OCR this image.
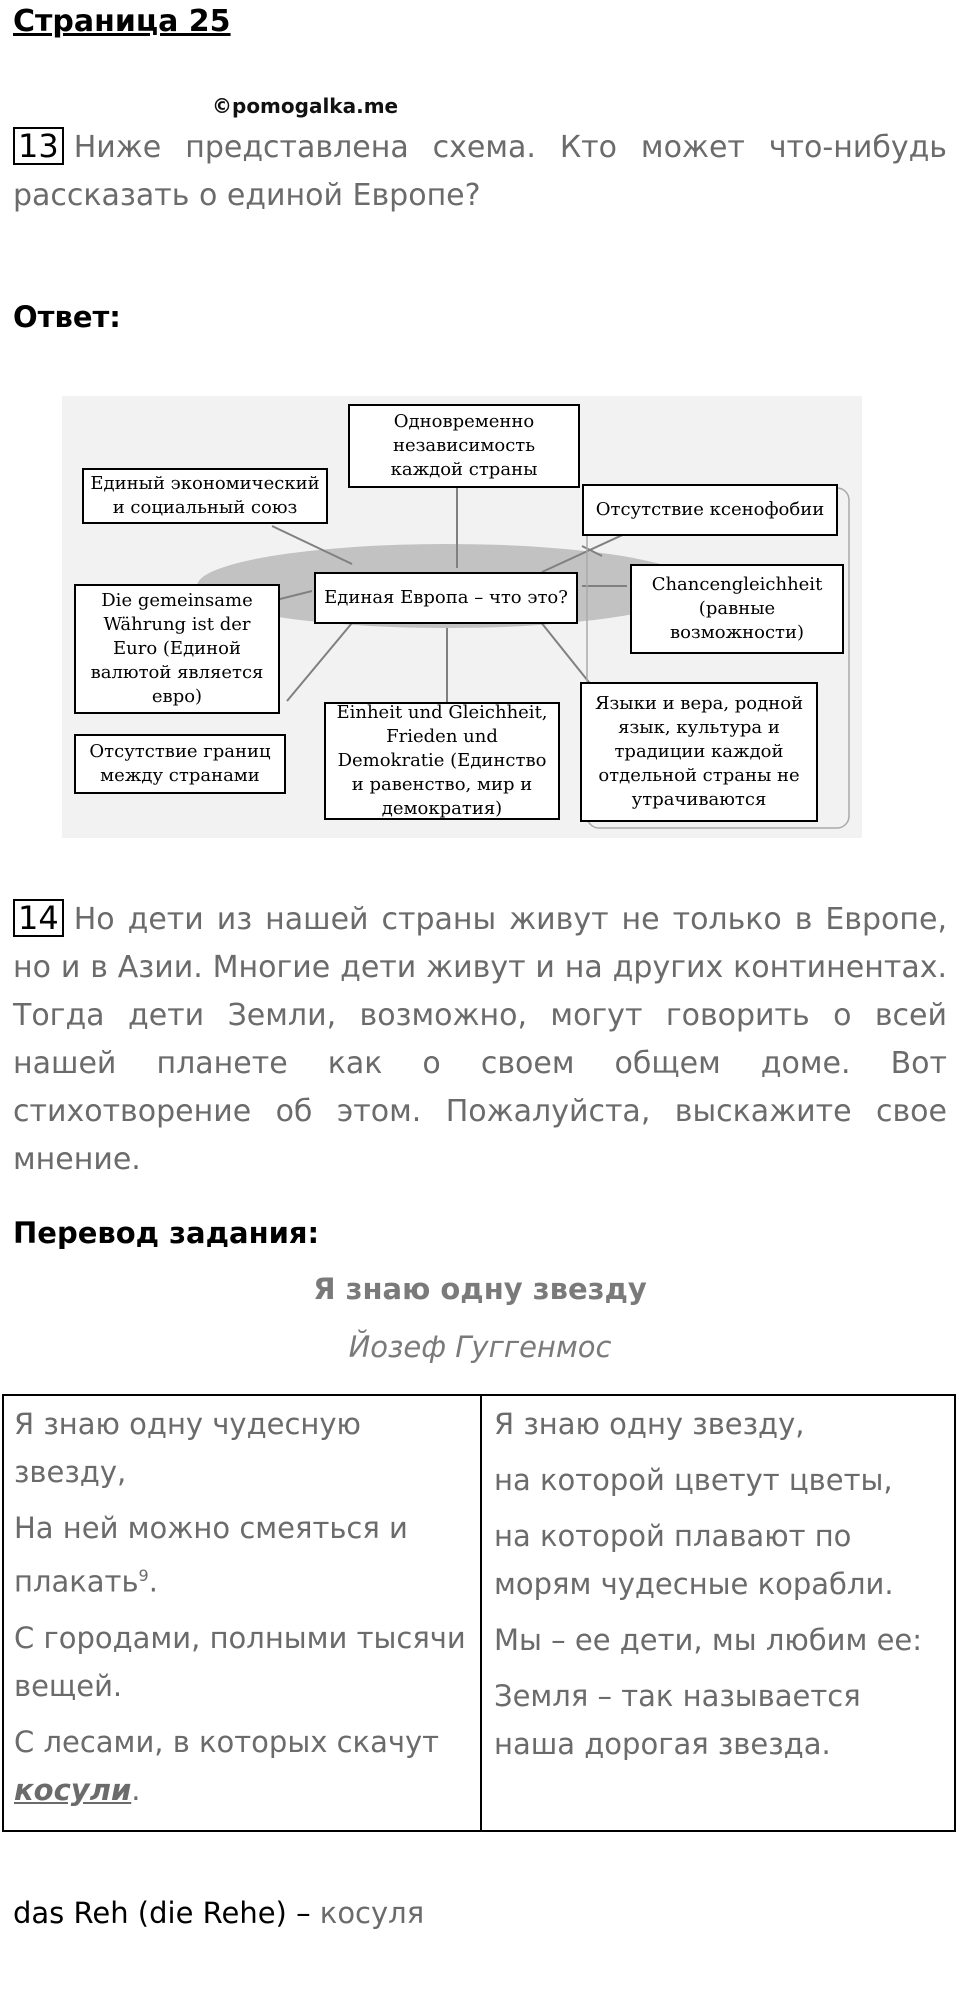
Страница 25
©pomogalka.me
13 Ниже представлена схема. Кто может что-нибудь рассказать о единой Европе?
Ответ:
Одновременно независимость каждой страны
Единый экономический и социальный союз	Отсутствие ксенофобии
Единая Европа – что это?
Die gemeinsame Währung ist der Euro (Единой валютой является евро)
Chancengleichheit (равные возможности)
Отсутствие границ между странами
Einheit und Gleichheit, Frieden und Demokratie (Единство и равенство, мир и демократия)
Языки и вера, родной язык, культура и традиции каждой отдельной страны не утрачиваются
14 Но дети из нашей страны живут не только в Европе, но и в Азии. Многие дети живут и на других континентах. Тогда дети Земли, возможно, могут говорить о всей нашей планете как о своем общем доме. Вот стихотворение об этом. Пожалуйста, выскажите свое мнение.
Перевод задания:
Я знаю одну звезду
Йозеф Гуггенмос
Я знаю одну чудесную звезду,
На ней можно смеяться и плакать$^9$.
С городами, полными тысячи вещей.
С лесами, в которых скачут
косули.
Я знаю одну звезду,
на которой цветут цветы,
на которой плавают по морям чудесные корабли.
Мы – ее дети, мы любим ее:
Земля – так называется наша дорогая звезда.
das Reh (die Rehe) – косуля
